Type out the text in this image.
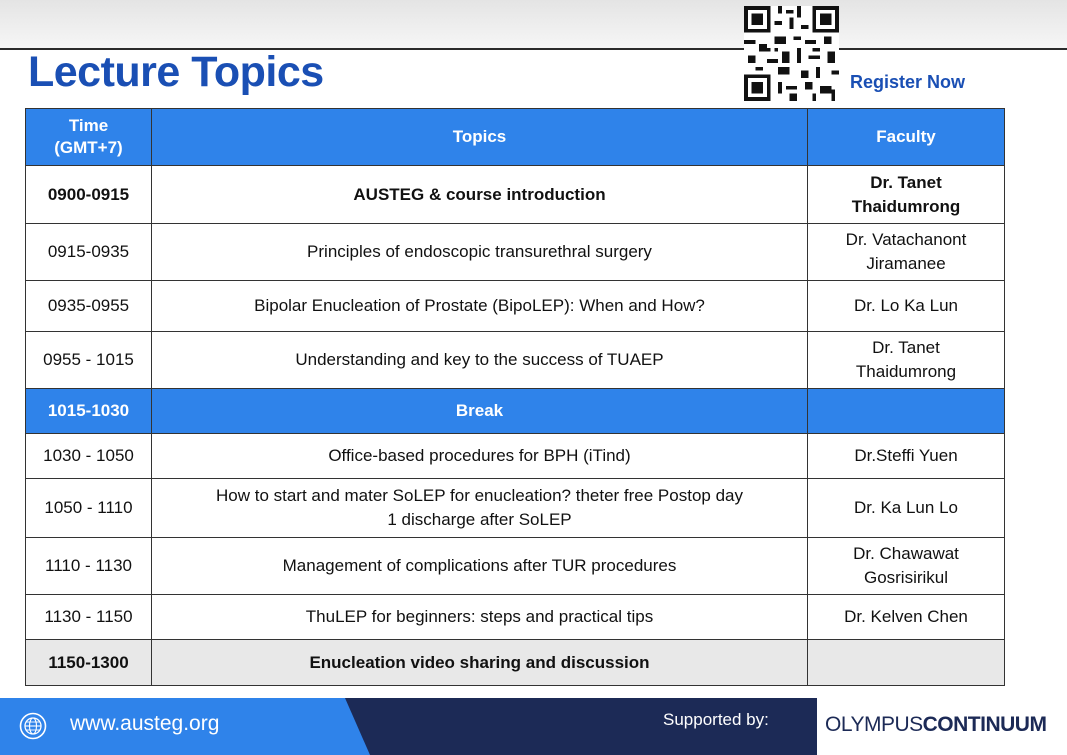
Lecture Topics	Register Now
Time
(GMT+7)	Topics	Faculty
0900-0915	AUSTEG & course introduction	Dr. Tanet
Thaidumrong
0915-0935	Principles of endoscopic transurethral surgery	Dr. Vatachanont
Jiramanee
0935-0955	Bipolar Enucleation of Prostate (BipoLEP): When and How?	Dr. Lo Ka Lun
0955 - 1015	Understanding and key to the success of TUAEP	Dr. Tanet
Thaidumrong
1015-1030	Break	
1030 - 1050	Office-based procedures for BPH (iTind)	Dr.Steffi Yuen
1050 - 1110	How to start and mater SoLEP for enucleation? theter free Postop day
1 discharge after SoLEP	Dr. Ka Lun Lo
1110 - 1130	Management of complications after TUR procedures	Dr. Chawawat
Gosrisirikul
1130 - 1150	ThuLEP for beginners: steps and practical tips	Dr. Kelven Chen
1150-1300	Enucleation video sharing and discussion	
www.austeg.org	Supported by:	OLYMPUSCONTINUUM
